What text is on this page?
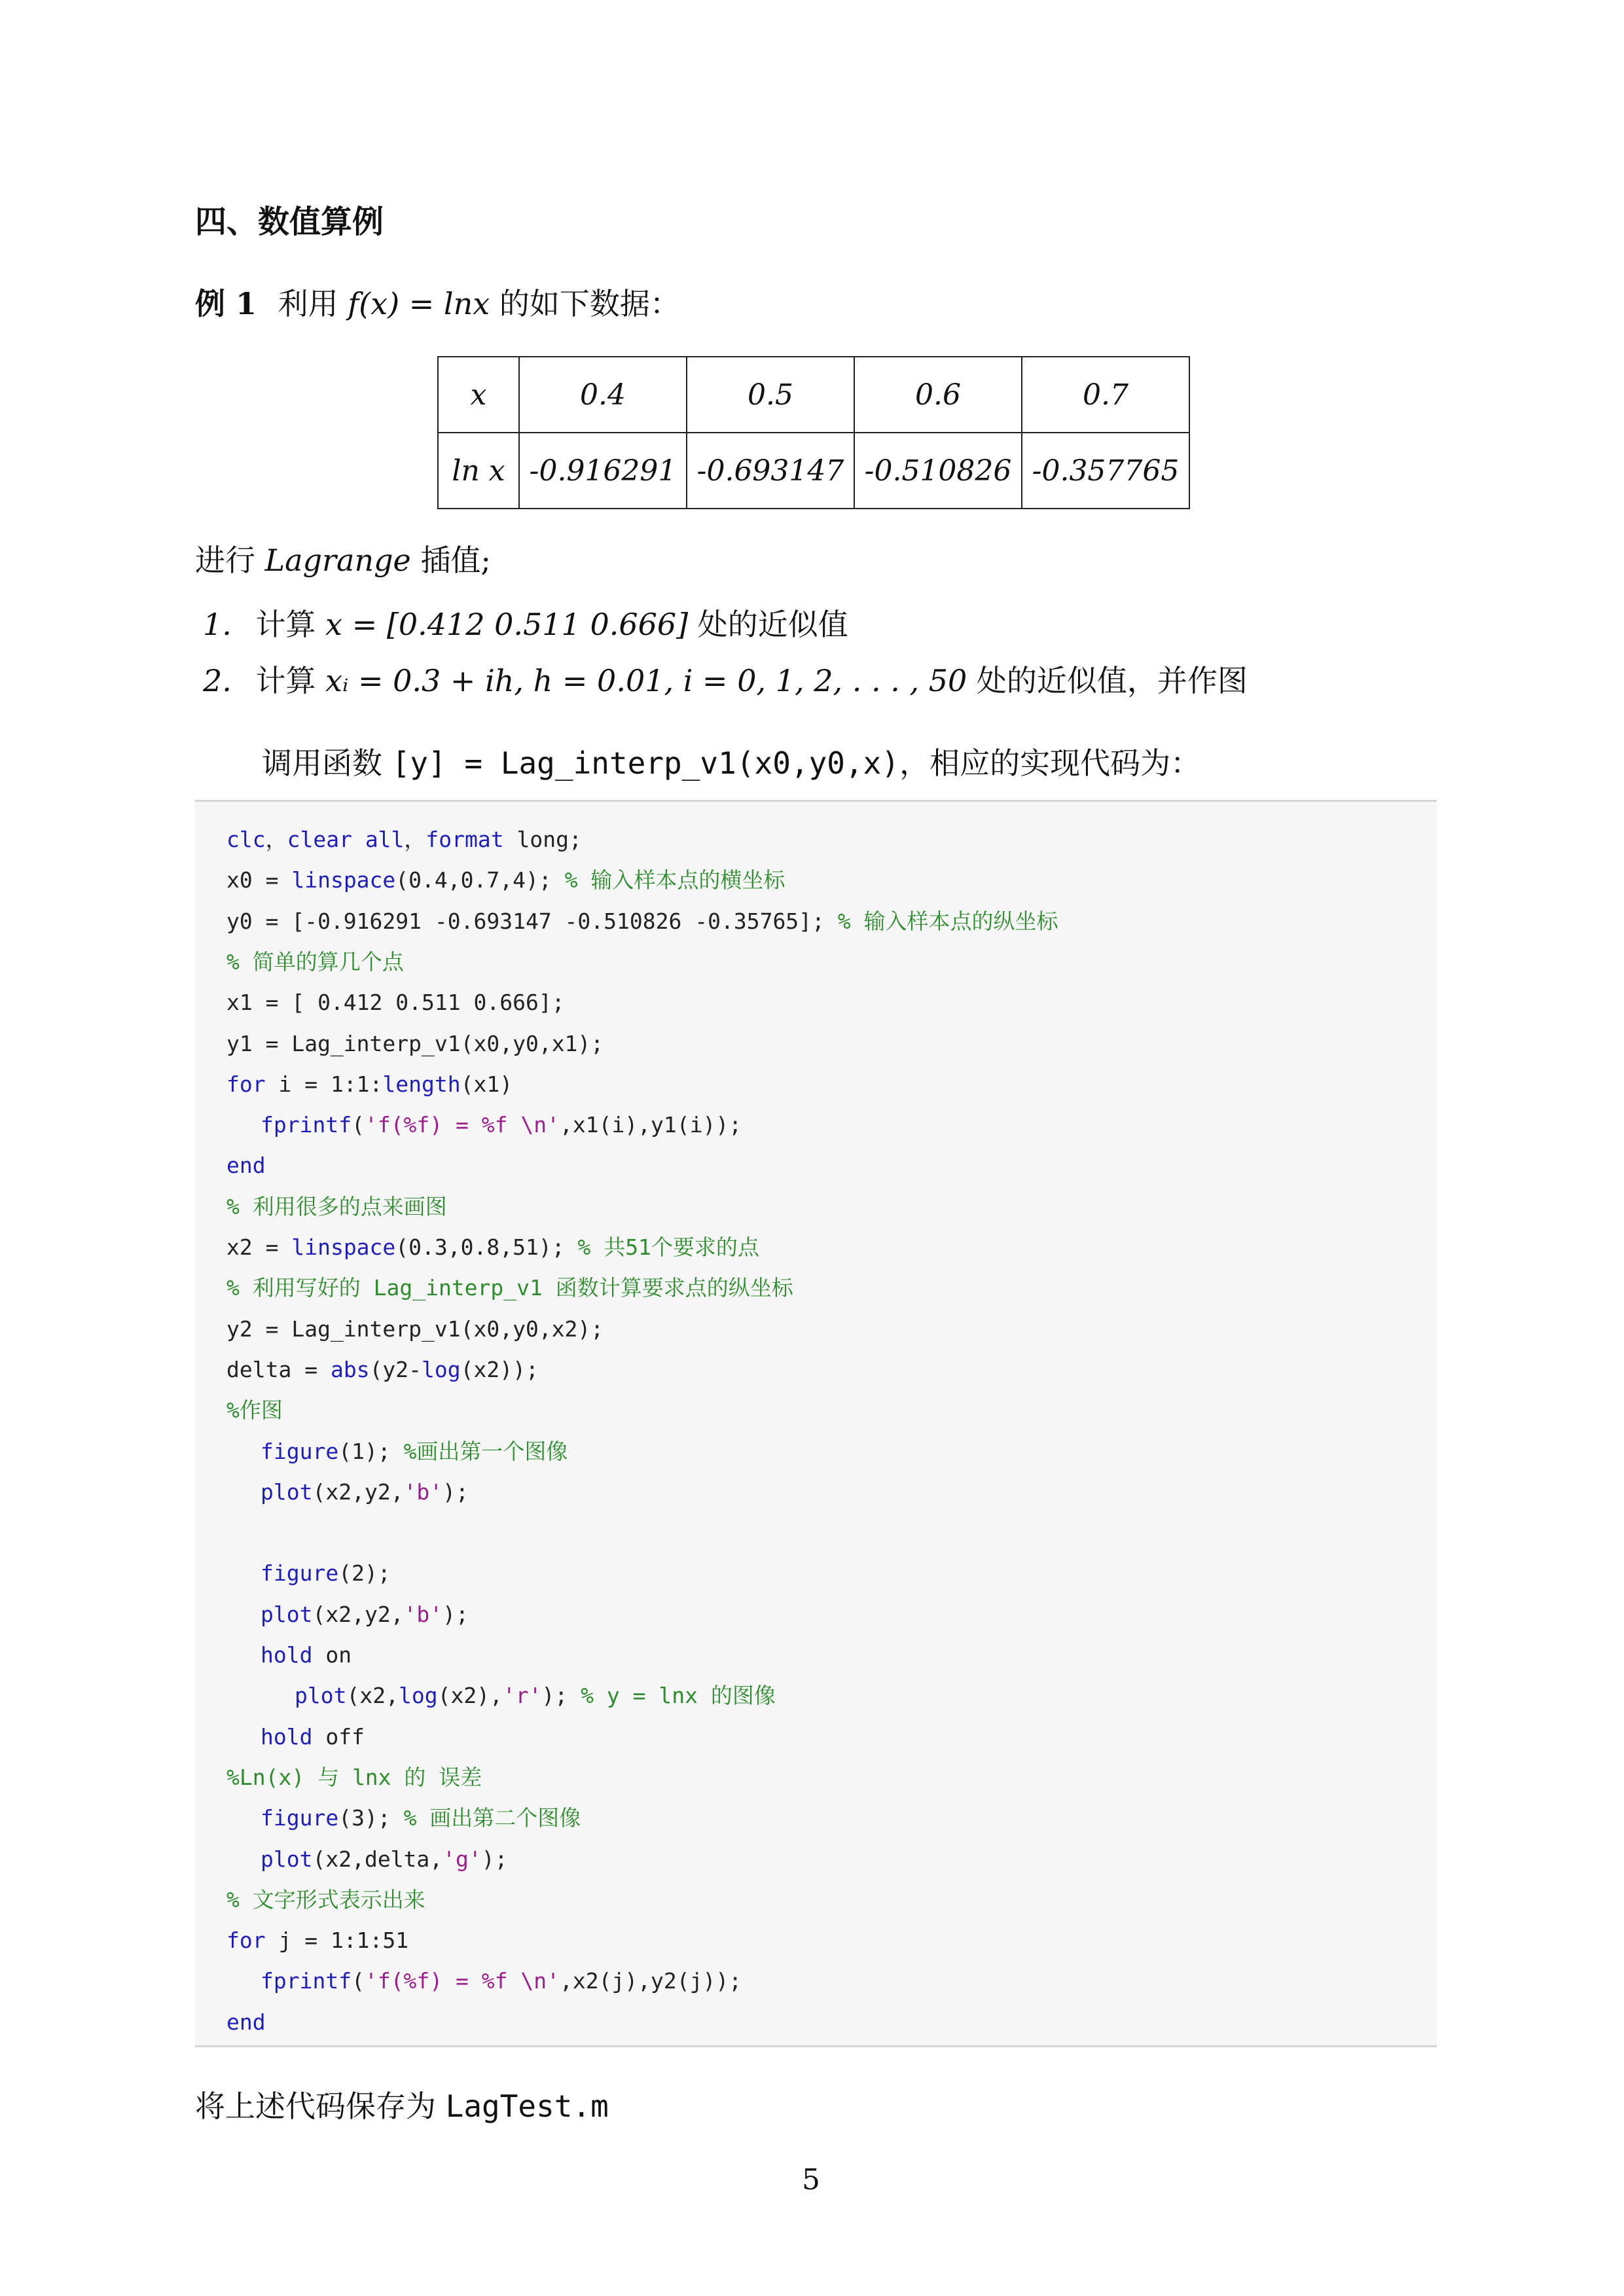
四、数值算例
例 1 利用 f(x) = lnx 的如下数据：
x	0.4	0.5	0.6	0.7
ln x	-0.916291	-0.693147	-0.510826	-0.357765
进行 Lagrange 插值;
1. 计算 x = [0.412 0.511 0.666] 处的近似值
2. 计算 xᵢ = 0.3 + ih, h = 0.01, i = 0, 1, 2, . . . , 50 处的近似值，并作图
调用函数 [y] = Lag_interp_v1(x0,y0,x)，相应的实现代码为：
clc，clear all，format long;
x0 = linspace(0.4,0.7,4); % 输入样本点的横坐标
y0 = [-0.916291 -0.693147 -0.510826 -0.35765]; % 输入样本点的纵坐标
% 简单的算几个点
x1 = [ 0.412 0.511 0.666];
y1 = Lag_interp_v1(x0,y0,x1);
for i = 1:1:length(x1)
fprintf('f(%f) = %f \n',x1(i),y1(i));
end
% 利用很多的点来画图
x2 = linspace(0.3,0.8,51); % 共51个要求的点
% 利用写好的 Lag_interp_v1 函数计算要求点的纵坐标
y2 = Lag_interp_v1(x0,y0,x2);
delta = abs(y2-log(x2));
%作图
figure(1); %画出第一个图像
plot(x2,y2,'b');
figure(2);
plot(x2,y2,'b');
hold on
plot(x2,log(x2),'r'); % y = lnx 的图像
hold off
%Ln(x) 与 lnx 的 误差
figure(3); % 画出第二个图像
plot(x2,delta,'g');
% 文字形式表示出来
for j = 1:1:51
fprintf('f(%f) = %f \n',x2(j),y2(j));
end
将上述代码保存为 LagTest.m
5
